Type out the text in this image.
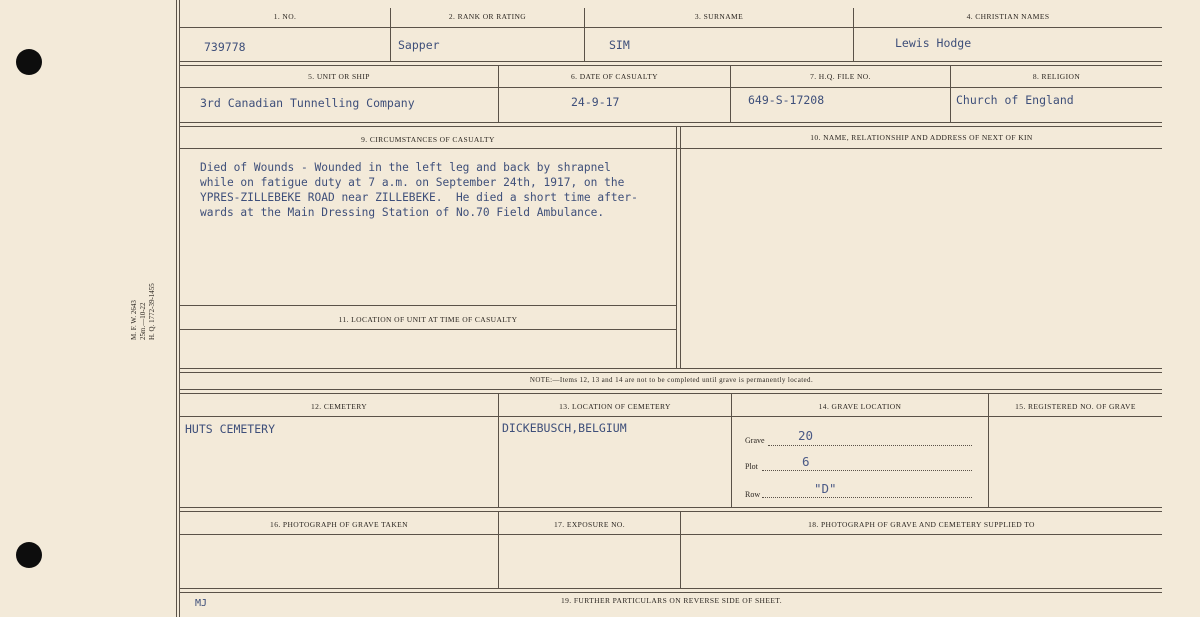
M. F. W. 2643
25m.—10-22
H. Q. 1772-39-1455
1. NO.	2. RANK OR RATING	3. SURNAME	4. CHRISTIAN NAMES
739778	Sapper	SIM	Lewis Hodge
5. UNIT OR SHIP	6. DATE OF CASUALTY	7. H.Q. FILE NO.	8. RELIGION
3rd Canadian Tunnelling Company	24-9-17	649-S-17208	Church of England
9. CIRCUMSTANCES OF CASUALTY	10. NAME, RELATIONSHIP AND ADDRESS OF NEXT OF KIN
Died of Wounds - Wounded in the left leg and back by shrapnel
while on fatigue duty at 7 a.m. on September 24th, 1917, on the
YPRES-ZILLEBEKE ROAD near ZILLEBEKE.  He died a short time after-
wards at the Main Dressing Station of No.70 Field Ambulance.
11. LOCATION OF UNIT AT TIME OF CASUALTY
NOTE:—Items 12, 13 and 14 are not to be completed until grave is permanently located.
12. CEMETERY	13. LOCATION OF CEMETERY	14. GRAVE LOCATION	15. REGISTERED NO. OF GRAVE
HUTS CEMETERY	DICKEBUSCH,BELGIUM
Grave	20
Plot	6
Row	"D"
16. PHOTOGRAPH OF GRAVE TAKEN	17. EXPOSURE NO.	18. PHOTOGRAPH OF GRAVE AND CEMETERY SUPPLIED TO
19. FURTHER PARTICULARS ON REVERSE SIDE OF SHEET.
MJ
